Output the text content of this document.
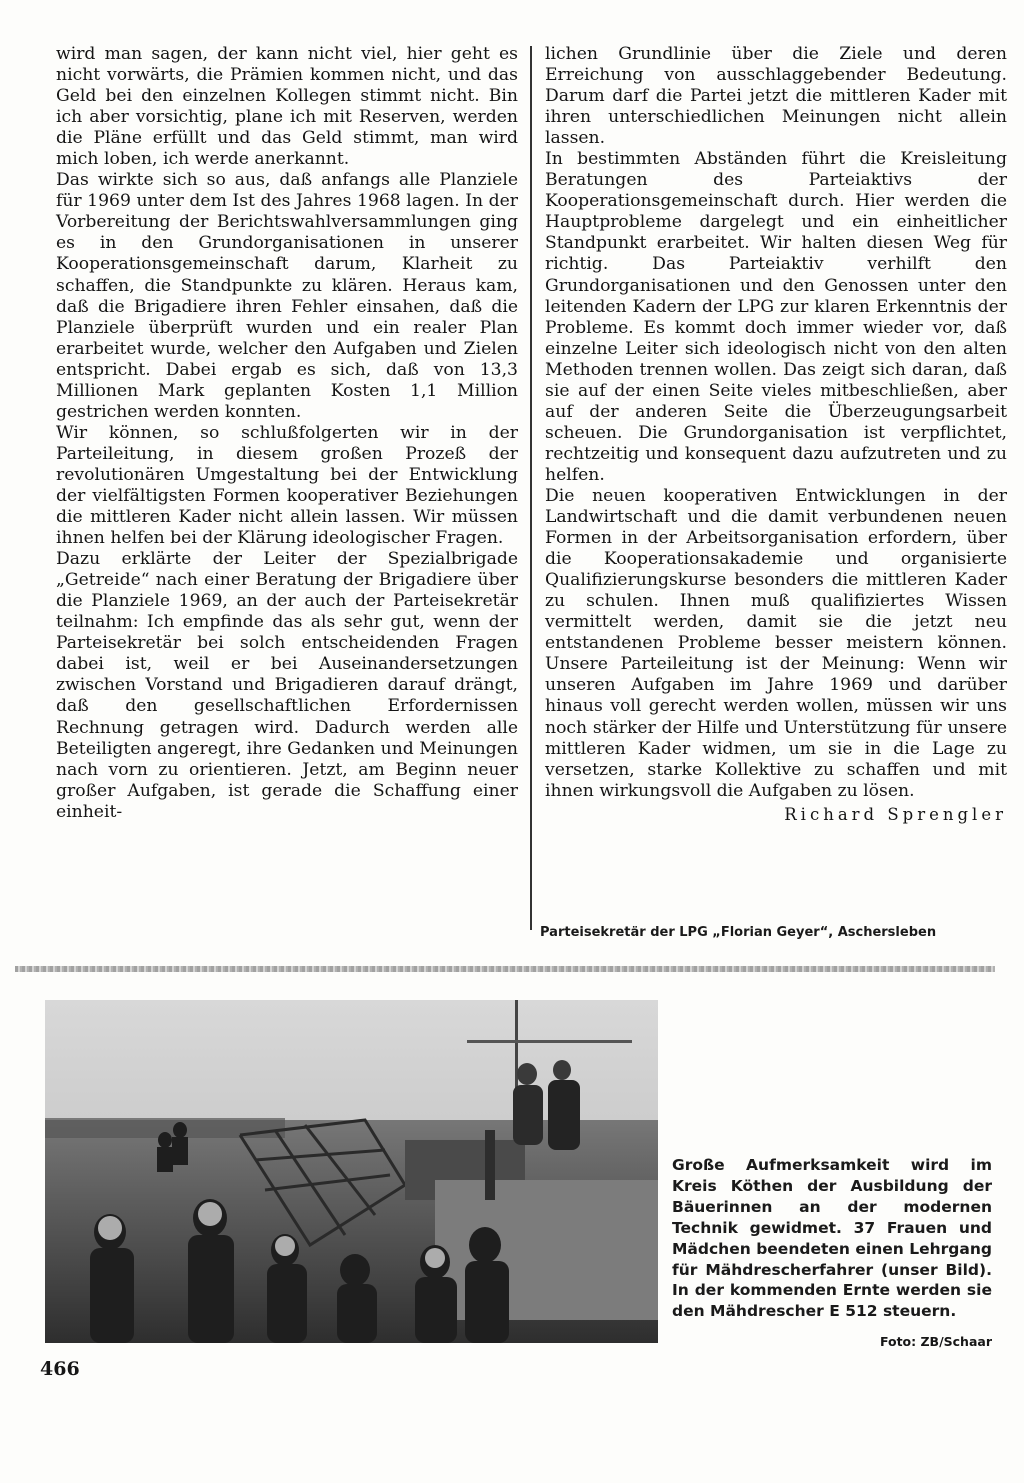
wird man sagen, der kann nicht viel, hier geht es nicht vorwärts, die Prämien kommen nicht, und das Geld bei den einzelnen Kollegen stimmt nicht. Bin ich aber vorsichtig, plane ich mit Reserven, werden die Pläne erfüllt und das Geld stimmt, man wird mich loben, ich werde anerkannt.

Das wirkte sich so aus, daß anfangs alle Planziele für 1969 unter dem Ist des Jahres 1968 lagen. In der Vorbereitung der Berichtswahlversammlungen ging es in den Grundorganisationen in unserer Kooperationsgemeinschaft darum, Klarheit zu schaffen, die Standpunkte zu klären. Heraus kam, daß die Brigadiere ihren Fehler einsahen, daß die Planziele überprüft wurden und ein realer Plan erarbeitet wurde, welcher den Aufgaben und Zielen entspricht. Dabei ergab es sich, daß von 13,3 Millionen Mark geplanten Kosten 1,1 Million gestrichen werden konnten.

Wir können, so schlußfolgerten wir in der Parteileitung, in diesem großen Prozeß der revolutionären Umgestaltung bei der Entwicklung der vielfältigsten Formen kooperativer Beziehungen die mittleren Kader nicht allein lassen. Wir müssen ihnen helfen bei der Klärung ideologischer Fragen.

Dazu erklärte der Leiter der Spezialbrigade „Getreide“ nach einer Beratung der Brigadiere über die Planziele 1969, an der auch der Parteisekretär teilnahm: Ich empfinde das als sehr gut, wenn der Parteisekretär bei solch entscheidenden Fragen dabei ist, weil er bei Auseinandersetzungen zwischen Vorstand und Brigadieren darauf drängt, daß den gesellschaftlichen Erfordernissen Rechnung getragen wird. Dadurch werden alle Beteiligten angeregt, ihre Gedanken und Meinungen nach vorn zu orientieren. Jetzt, am Beginn neuer großer Aufgaben, ist gerade die Schaffung einer einheit-

lichen Grundlinie über die Ziele und deren Erreichung von ausschlaggebender Bedeutung. Darum darf die Partei jetzt die mittleren Kader mit ihren unterschiedlichen Meinungen nicht allein lassen.

In bestimmten Abständen führt die Kreisleitung Beratungen des Parteiaktivs der Kooperationsgemeinschaft durch. Hier werden die Hauptprobleme dargelegt und ein einheitlicher Standpunkt erarbeitet. Wir halten diesen Weg für richtig. Das Parteiaktiv verhilft den Grundorganisationen und den Genossen unter den leitenden Kadern der LPG zur klaren Erkenntnis der Probleme. Es kommt doch immer wieder vor, daß einzelne Leiter sich ideologisch nicht von den alten Methoden trennen wollen. Das zeigt sich daran, daß sie auf der einen Seite vieles mitbeschließen, aber auf der anderen Seite die Überzeugungsarbeit scheuen. Die Grundorganisation ist verpflichtet, rechtzeitig und konsequent dazu aufzutreten und zu helfen.

Die neuen kooperativen Entwicklungen in der Landwirtschaft und die damit verbundenen neuen Formen in der Arbeitsorganisation erfordern, über die Kooperationsakademie und organisierte Qualifizierungskurse besonders die mittleren Kader zu schulen. Ihnen muß qualifiziertes Wissen vermittelt werden, damit sie die jetzt neu entstandenen Probleme besser meistern können. Unsere Parteileitung ist der Meinung: Wenn wir unseren Aufgaben im Jahre 1969 und darüber hinaus voll gerecht werden wollen, müssen wir uns noch stärker der Hilfe und Unterstützung für unsere mittleren Kader widmen, um sie in die Lage zu versetzen, starke Kollektive zu schaffen und mit ihnen wirkungsvoll die Aufgaben zu lösen.

Richard Sprengler
Parteisekretär der LPG „Florian Geyer“, Aschersleben
Große Aufmerksamkeit wird im Kreis Köthen der Ausbildung der Bäuerinnen an der modernen Technik gewidmet. 37 Frauen und Mädchen beendeten einen Lehrgang für Mähdrescherfahrer (unser Bild). In der kommenden Ernte werden sie den Mähdrescher E 512 steuern.
Foto: ZB/Schaar
466
